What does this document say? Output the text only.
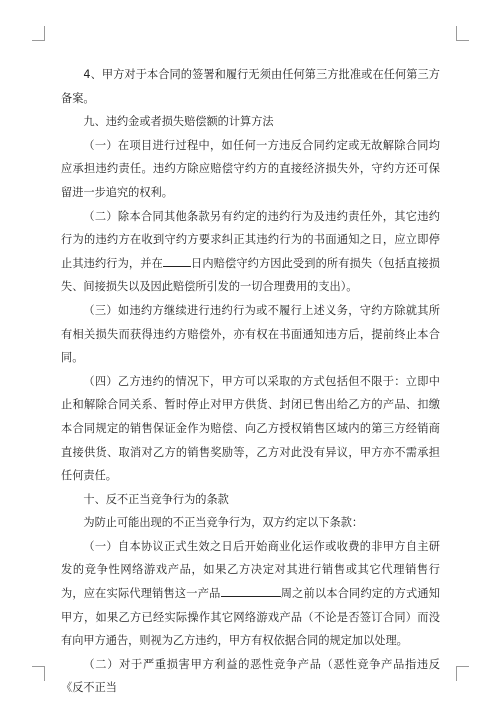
4、甲方对于本合同的签署和履行无须由任何第三方批准或在任何第三方备案。

九、违约金或者损失赔偿额的计算方法

（一）在项目进行过程中，如任何一方违反合同约定或无故解除合同均应承担违约责任。违约方除应赔偿守约方的直接经济损失外，守约方还可保留进一步追究的权利。

（二）除本合同其他条款另有约定的违约行为及违约责任外，其它违约行为的违约方在收到守约方要求纠正其违约行为的书面通知之日，应立即停止其违约行为，并在	日内赔偿守约方因此受到的所有损失（包括直接损失、间接损失以及因此赔偿所引发的一切合理费用的支出）。

（三）如违约方继续进行违约行为或不履行上述义务，守约方除就其所有相关损失而获得违约方赔偿外，亦有权在书面通知违方后，提前终止本合同。

（四）乙方违约的情况下，甲方可以采取的方式包括但不限于：立即中止和解除合同关系、暂时停止对甲方供货、封闭已售出给乙方的产品、扣缴本合同规定的销售保证金作为赔偿、向乙方授权销售区域内的第三方经销商直接供货、取消对乙方的销售奖励等，乙方对此没有异议，甲方亦不需承担任何责任。

十、反不正当竞争行为的条款

为防止可能出现的不正当竞争行为，双方约定以下条款：

（一）自本协议正式生效之日后开始商业化运作或收费的非甲方自主研发的竞争性网络游戏产品，如果乙方决定对其进行销售或其它代理销售行为，应在实际代理销售这一产品	周之前以本合同约定的方式通知甲方，如果乙方已经实际操作其它网络游戏产品（不论是否签订合同）而没有向甲方通告，则视为乙方违约，甲方有权依据合同的规定加以处理。

（二）对于严重损害甲方利益的恶性竞争产品（恶性竞争产品指违反《反不正当
